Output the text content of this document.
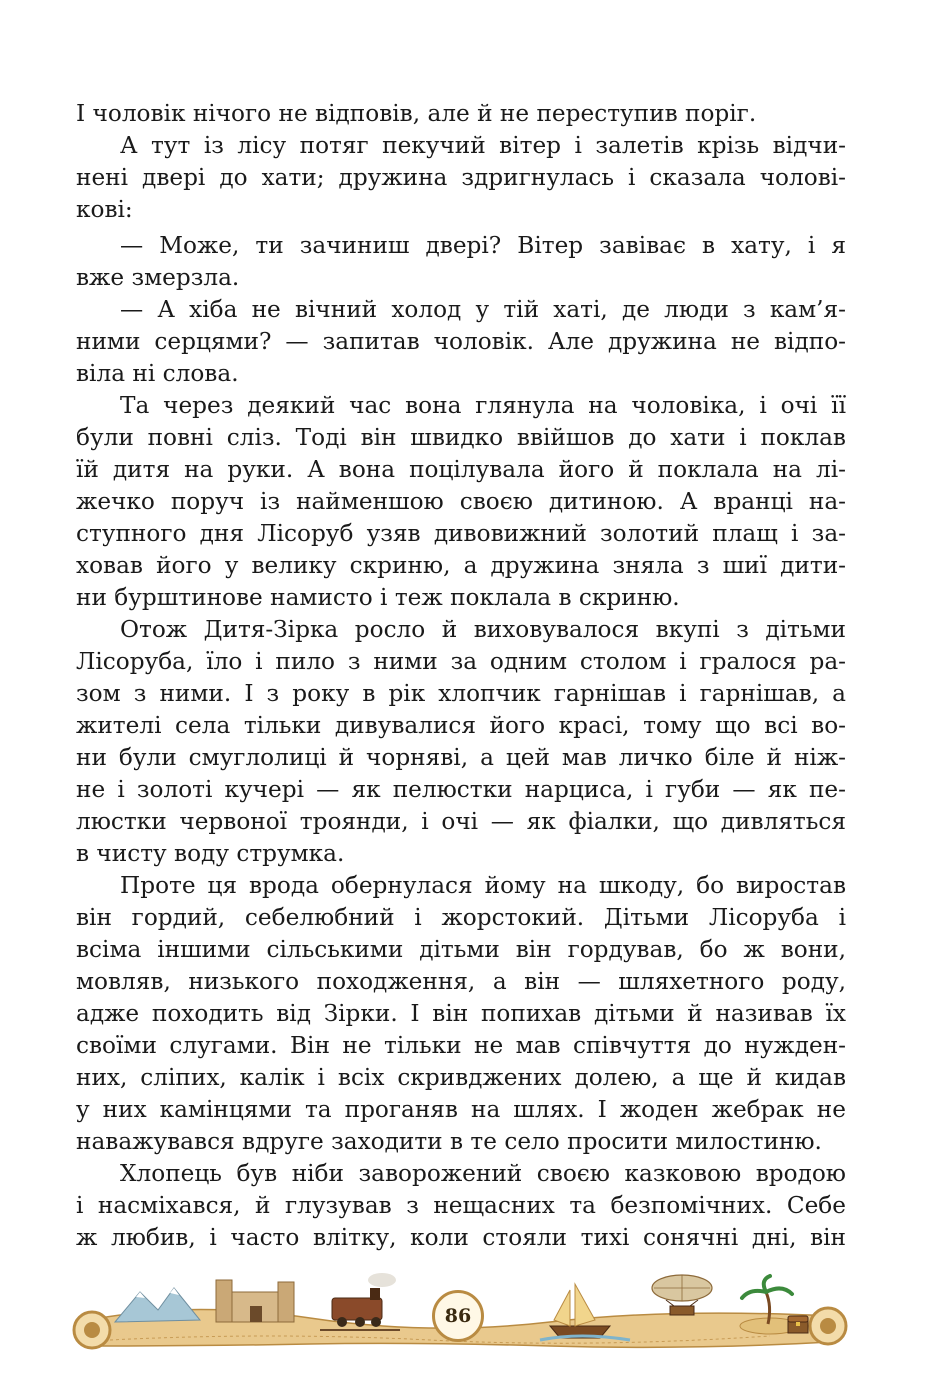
І чоловік нічого не відповів, але й не переступив поріг.
А тут із лісу потяг пекучий вітер і залетів крізь відчи-
нені двері до хати; дружина здригнулась і сказала чолові-
кові:
— Може, ти зачиниш двері? Вітер завіває в хату, і я
вже змерзла.
— А хіба не вічний холод у тій хаті, де люди з кам’я-
ними серцями? — запитав чоловік. Але дружина не відпо-
віла ні слова.
Та через деякий час вона глянула на чоловіка, і очі її
були повні сліз. Тоді він швидко ввійшов до хати і поклав
їй дитя на руки. А вона поцілувала його й поклала на лі-
жечко поруч із найменшою своєю дитиною. А вранці на-
ступного дня Лісоруб узяв дивовижний золотий плащ і за-
ховав його у велику скриню, а дружина зняла з шиї дити-
ни бурштинове намисто і теж поклала в скриню.
Отож Дитя-Зірка росло й виховувалося вкупі з дітьми
Лісоруба, їло і пило з ними за одним столом і гралося ра-
зом з ними. І з року в рік хлопчик гарнішав і гарнішав, а
жителі села тільки дивувалися його красі, тому що всі во-
ни були смуглолиці й чорняві, а цей мав личко біле й ніж-
не і золоті кучері — як пелюстки нарциса, і губи — як пе-
люстки червоної троянди, і очі — як фіалки, що дивляться
в чисту воду струмка.
Проте ця врода обернулася йому на шкоду, бо виростав
він гордий, себелюбний і жорстокий. Дітьми Лісоруба і
всіма іншими сільськими дітьми він гордував, бо ж вони,
мовляв, низького походження, а він — шляхетного роду,
адже походить від Зірки. І він попихав дітьми й називав їх
своїми слугами. Він не тільки не мав співчуття до нужден-
них, сліпих, калік і всіх скривджених долею, а ще й кидав
у них камінцями та проганяв на шлях. І жоден жебрак не
наважувався вдруге заходити в те село просити милостиню.
Хлопець був ніби заворожений своєю казковою вродою
і насміхався, й глузував з нещасних та безпомічних. Себе
ж любив, і часто влітку, коли стояли тихі сонячні дні, він
86
